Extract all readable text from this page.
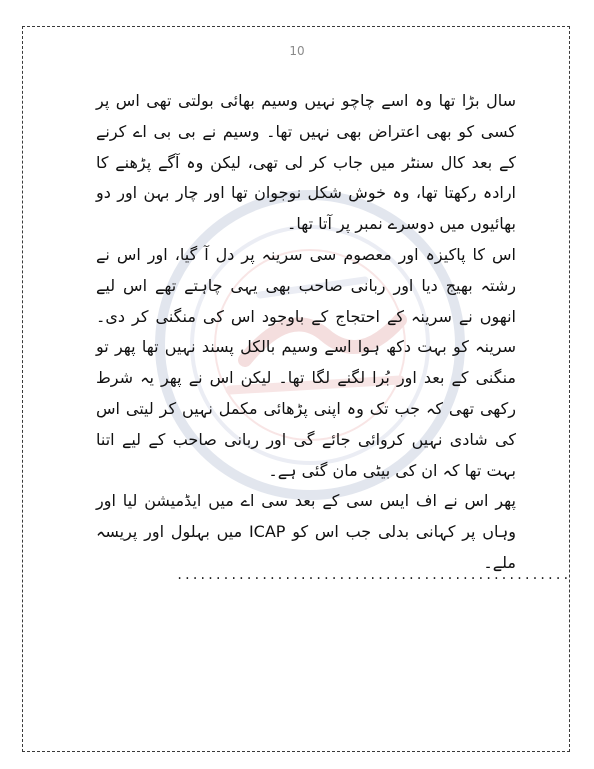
10

سال بڑا تھا وہ اسے چاچو نہیں وسیم بھائی بولتی تھی اس پر کسی کو بھی اعتراض بھی نہیں تھا۔ وسیم نے بی بی اے کرنے کے بعد کال سنٹر میں جاب کر لی تھی، لیکن وہ آگے پڑھنے کا ارادہ رکھتا تھا، وہ خوش شکل نوجوان تھا اور چار بہن اور دو بھائیوں میں دوسرے نمبر پر آتا تھا۔

اس کا پاکیزہ اور معصوم سی سرینہ پر دل آ گیا، اور اس نے رشتہ بھیج دیا اور ربانی صاحب بھی یہی چاہتے تھے اس لیے انھوں نے سرینہ کے احتجاج کے باوجود اس کی منگنی کر دی۔ سرینہ کو بہت دکھ ہوا اسے وسیم بالکل پسند نہیں تھا پھر تو منگنی کے بعد اور بُرا لگنے لگا تھا۔ لیکن اس نے پھر یہ شرط رکھی تھی کہ جب تک وہ اپنی پڑھائی مکمل نہیں کر لیتی اس کی شادی نہیں کروائی جائے گی اور ربانی صاحب کے لیے اتنا بہت تھا کہ ان کی بیٹی مان گئی ہے۔

پھر اس نے اف ایس سی کے بعد سی اے میں ایڈمیشن لیا اور وہاں پر کہانی بدلی جب اس کو ICAP میں بہلول اور پریسہ ملے۔

...................................................
